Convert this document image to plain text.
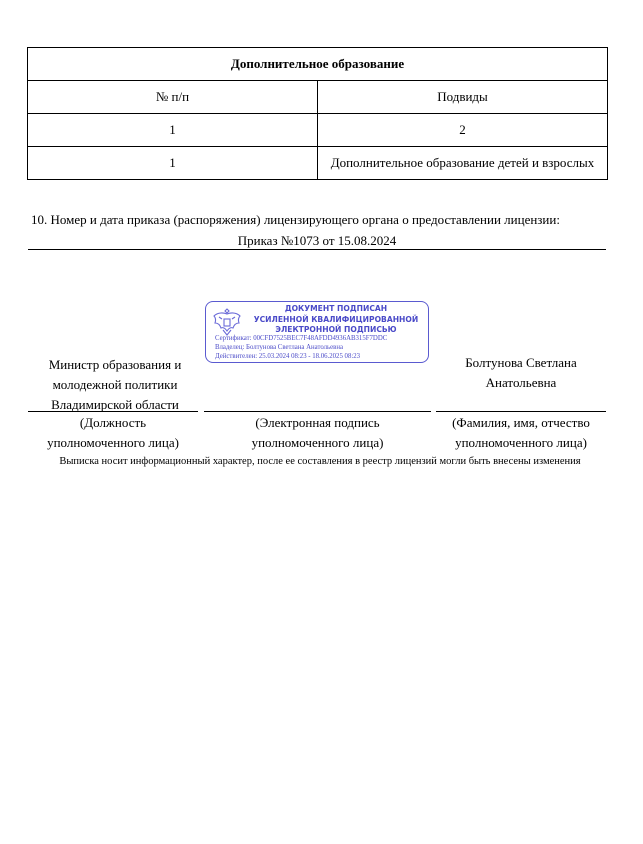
Дополнительное образование	
№ п/п	Подвиды
1	2
1	Дополнительное образование детей и взрослых
10. Номер и дата приказа (распоряжения) лицензирующего органа о предоставлении лицензии:
Приказ №1073 от 15.08.2024
ДОКУМЕНТ ПОДПИСАН
УСИЛЕННОЙ КВАЛИФИЦИРОВАННОЙ
ЭЛЕКТРОННОЙ ПОДПИСЬЮ
Сертификат: 00CFD7525BEC7F48AFDD4936AB315F7DDC
Владелец: Болтунова Светлана Анатольевна
Действителен: 25.03.2024 08:23 - 18.06.2025 08:23
Министр образования и
молодежной политики
Владимирской области
Болтунова Светлана
Анатольевна
(Должность
уполномоченного лица)
(Электронная подпись
уполномоченного лица)
(Фамилия, имя, отчество
уполномоченного лица)
Выписка носит информационный характер, после ее составления в реестр лицензий могли быть внесены изменения
